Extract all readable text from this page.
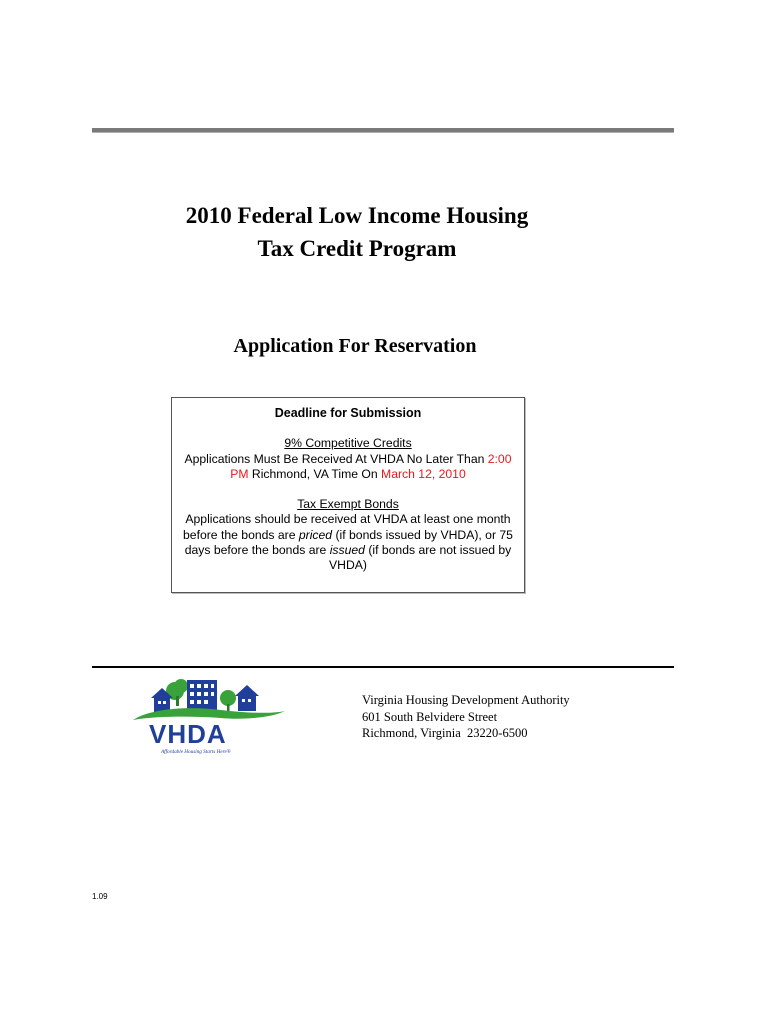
2010 Federal Low Income Housing
Tax Credit Program
Application For Reservation
Deadline for Submission
9% Competitive Credits
Applications Must Be Received At VHDA No Later Than 2:00 PM Richmond, VA Time On March 12, 2010
Tax Exempt Bonds
Applications should be received at VHDA at least one month before the bonds are priced (if bonds issued by VHDA), or 75 days before the bonds are issued (if bonds are not issued by VHDA)
VHDA
Affordable Housing Starts Here®
Virginia Housing Development Authority
601 South Belvidere Street
Richmond, Virginia  23220-6500
1.09
